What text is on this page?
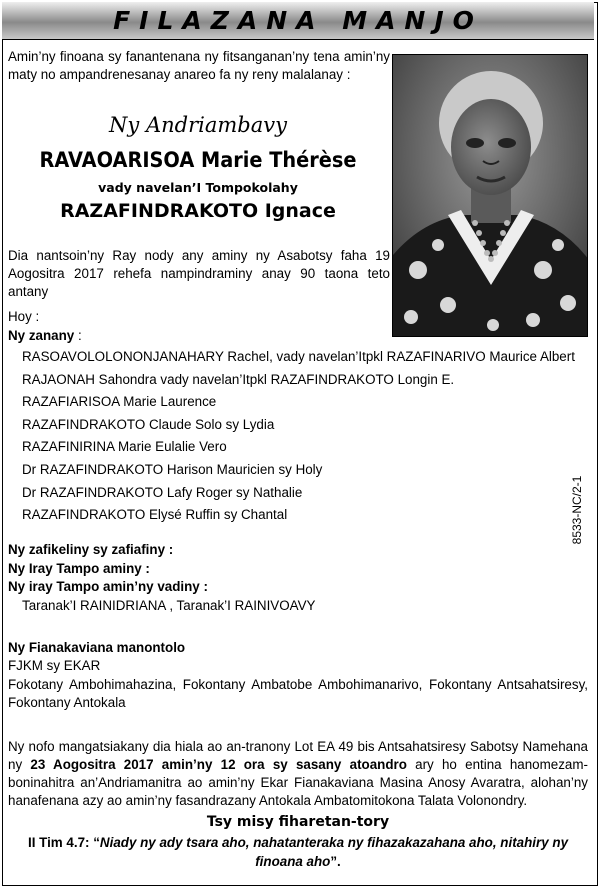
FILAZANA MANJO
Amin’ny finoana sy fanantenana ny fitsanganan’ny tena amin’ny maty no ampandrenesanay anareo fa ny reny malalanay :
Ny Andriambavy
RAVAOARISOA Marie Thérèse
vady navelan’I Tompokolahy
RAZAFINDRAKOTO Ignace
Dia nantsoin’ny Ray nody any aminy ny Asabotsy faha 19 Aogositra 2017 rehefa nampindraminy anay 90 taona teto antany
Hoy :
Ny zanany :
RASOAVOLOLONONJANAHARY Rachel, vady navelan’Itpkl RAZAFINARIVO Maurice Albert
RAJAONAH Sahondra vady navelan’Itpkl RAZAFINDRAKOTO Longin E.
RAZAFIARISOA Marie Laurence
RAZAFINDRAKOTO Claude Solo sy Lydia
RAZAFINIRINA Marie Eulalie Vero
Dr RAZAFINDRAKOTO Harison Mauricien sy Holy
Dr RAZAFINDRAKOTO Lafy Roger sy Nathalie
RAZAFINDRAKOTO Elysé Ruffin sy Chantal	8533-NC/2-1
Ny zafikeliny sy zafiafiny :
Ny Iray Tampo aminy :
Ny iray Tampo amin’ny vadiny :
Taranak’I RAINIDRIANA , Taranak’I RAINIVOAVY
Ny Fianakaviana manontolo
FJKM sy EKAR
Fokotany Ambohimahazina, Fokontany Ambatobe Ambohimanarivo, Fokontany Antsahatsiresy, Fokontany Antokala
Ny nofo mangatsiakany dia hiala ao an-tranony Lot EA 49 bis Antsahatsiresy Sabotsy Namehana ny 23 Aogositra 2017 amin’ny 12 ora sy sasany atoandro ary ho entina hanomezam-boninahitra an’Andriamanitra ao amin’ny Ekar Fianakaviana Masina Anosy Avaratra, alohan’ny hanafenana azy ao amin’ny fasandrazany Antokala Ambatomitokona Talata Volonondry.
Tsy misy fiharetan-tory
II Tim 4.7: “Niady ny ady tsara aho, nahatanteraka ny fihazakazahana aho, nitahiry ny finoana aho”.
